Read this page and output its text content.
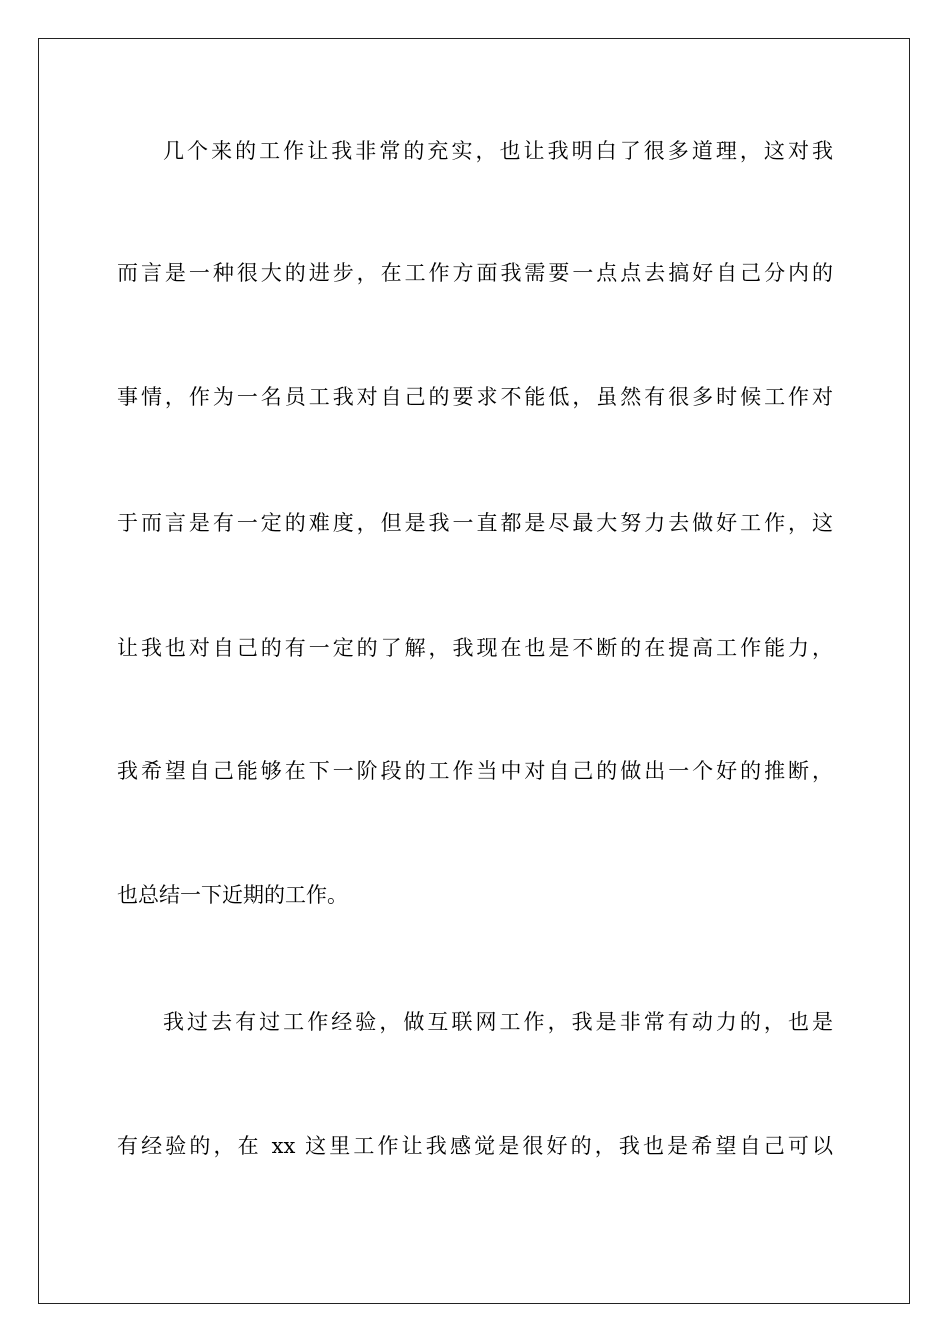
几个来的工作让我非常的充实，也让我明白了很多道理，这对我
而言是一种很大的进步，在工作方面我需要一点点去搞好自己分内的
事情，作为一名员工我对自己的要求不能低，虽然有很多时候工作对
于而言是有一定的难度，但是我一直都是尽最大努力去做好工作，这
让我也对自己的有一定的了解，我现在也是不断的在提高工作能力，
我希望自己能够在下一阶段的工作当中对自己的做出一个好的推断，
也总结一下近期的工作。
我过去有过工作经验，做互联网工作，我是非常有动力的，也是
有经验的，在 xx 这里工作让我感觉是很好的，我也是希望自己可以
